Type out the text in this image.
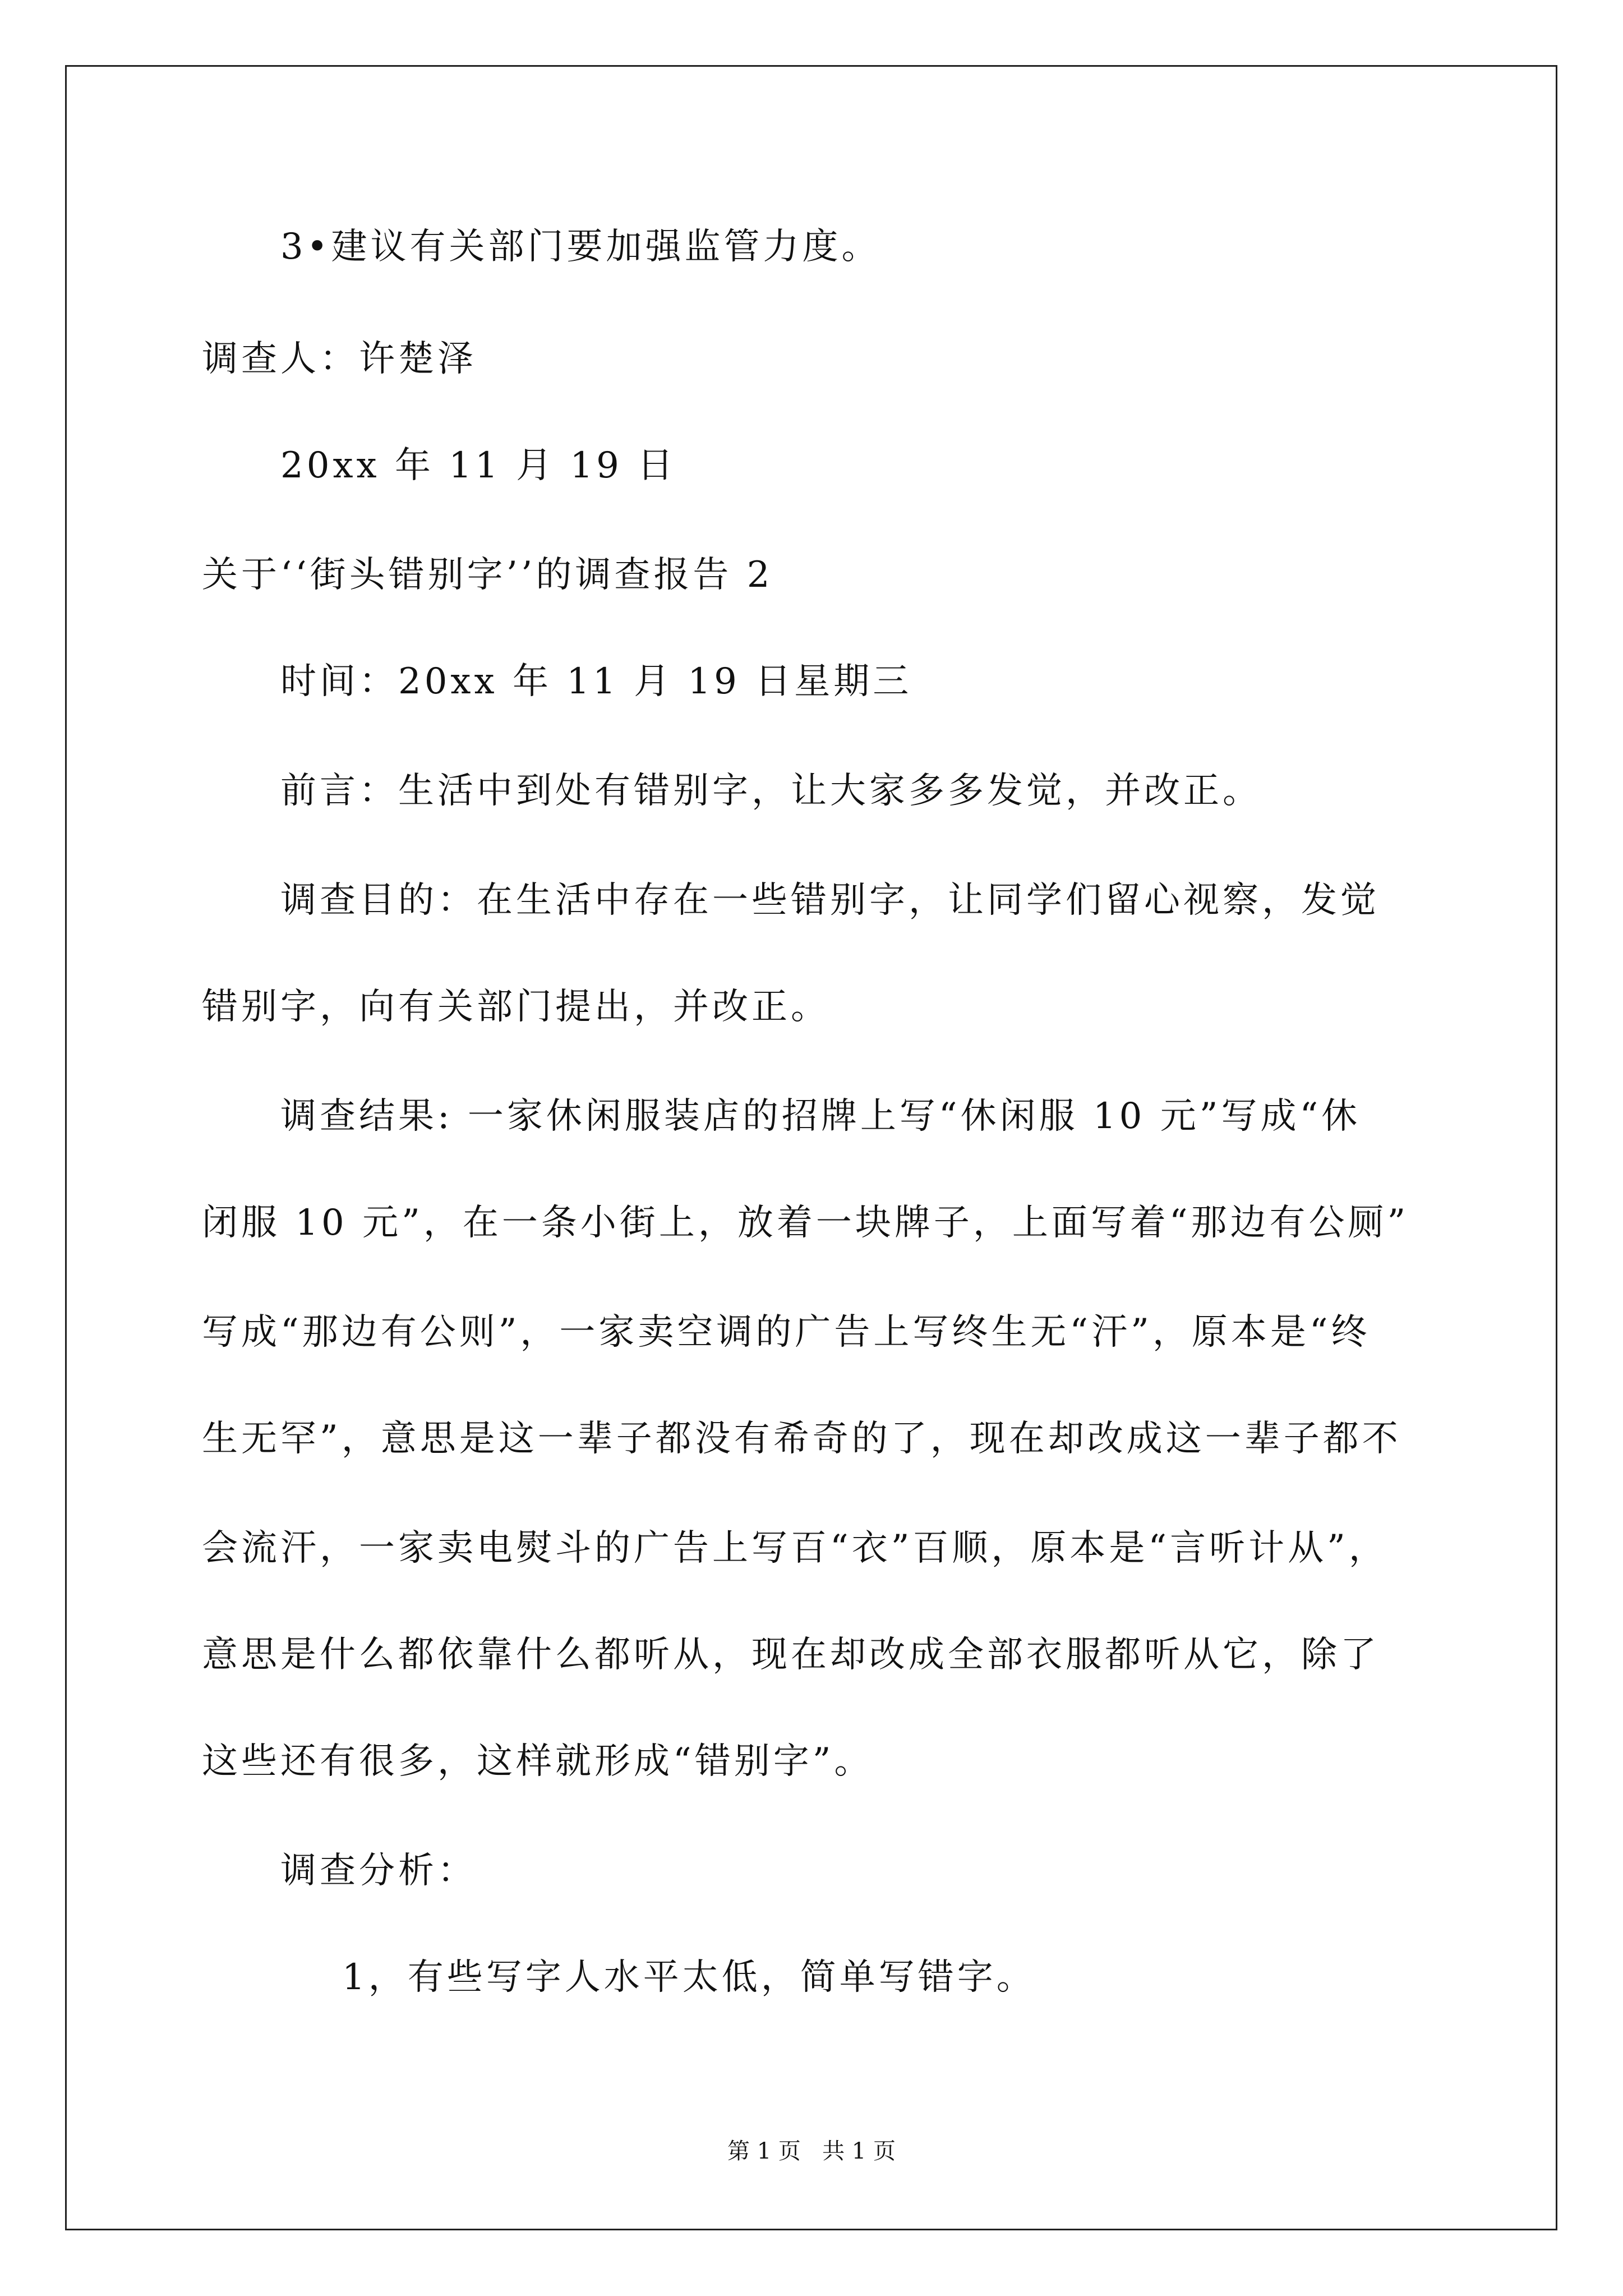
3•建议有关部门要加强监管力度。
调查人：许楚泽
20xx 年 11 月 19 日
关于‘‘街头错别字’’的调查报告 2
时间：20xx 年 11 月 19 日星期三
前言：生活中到处有错别字，让大家多多发觉，并改正。
调查目的：在生活中存在一些错别字，让同学们留心视察，发觉
错别字，向有关部门提出，并改正。
调查结果: 一家休闲服装店的招牌上写“休闲服 10 元”写成“休
闭服 10 元”，在一条小街上，放着一块牌子，上面写着“那边有公厕”
写成“那边有公则”，一家卖空调的广告上写终生无“汗”，原本是“终
生无罕”，意思是这一辈子都没有希奇的了，现在却改成这一辈子都不
会流汗，一家卖电熨斗的广告上写百“衣”百顺，原本是“言听计从”，
意思是什么都依靠什么都听从，现在却改成全部衣服都听从它，除了
这些还有很多，这样就形成“错别字”。
调查分析：
1，有些写字人水平太低，简单写错字。
第 1 页   共 1 页
